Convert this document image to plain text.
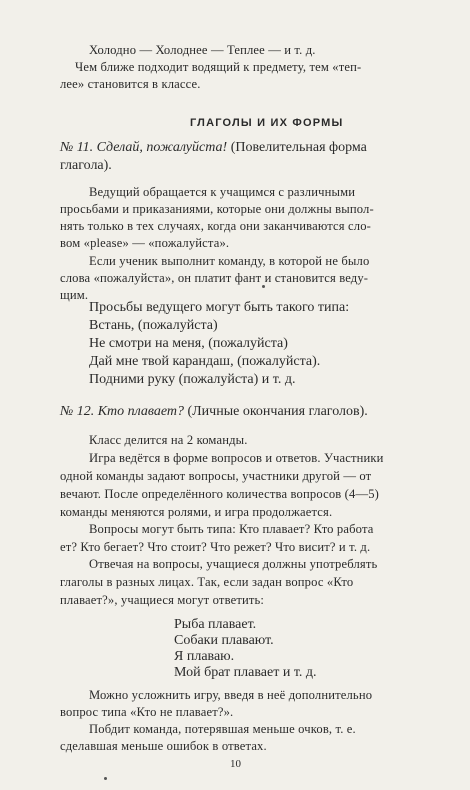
Холодно — Холоднее — Теплее — и т. д.

Чем ближе подходит водящий к предмету, тем «теп-

лее» становится в классе.

ГЛАГОЛЫ И ИХ ФОРМЫ

№ 11. Сделай, пожалуйста! (Повелительная форма

глагола).

Ведущий обращается к учащимся с различными

просьбами и приказаниями, которые они должны выпол-

нять только в тех случаях, когда они заканчиваются сло-

вом «please» — «пожалуйста».

Если ученик выполнит команду, в которой не было

слова «пожалуйста», он платит фант и становится веду-

щим.

Просьбы ведущего могут быть такого типа:

Встань, (пожалуйста)

Не смотри на меня, (пожалуйста)

Дай мне твой карандаш, (пожалуйста).

Подними руку (пожалуйста) и т. д.

№ 12. Кто плавает? (Личные окончания глаголов).

Класс делится на 2 команды.

Игра ведётся в форме вопросов и ответов. Участники

одной команды задают вопросы, участники другой — от

вечают. После определённого количества вопросов (4—5)

команды меняются ролями, и игра продолжается.

Вопросы могут быть типа: Кто плавает? Кто работа

ет? Кто бегает? Что стоит? Что режет? Что висит? и т. д.

Отвечая на вопросы, учащиеся должны употреблять

глаголы в разных лицах. Так, если задан вопрос «Кто

плавает?», учащиеся могут ответить:

Рыба плавает.

Собаки плавают.

Я плаваю.

Мой брат плавает и т. д.

Можно усложнить игру, введя в неё дополнительно

вопрос типа «Кто не плавает?».

Побдит команда, потерявшая меньше очков, т. е.

сделавшая меньше ошибок в ответах.

10
